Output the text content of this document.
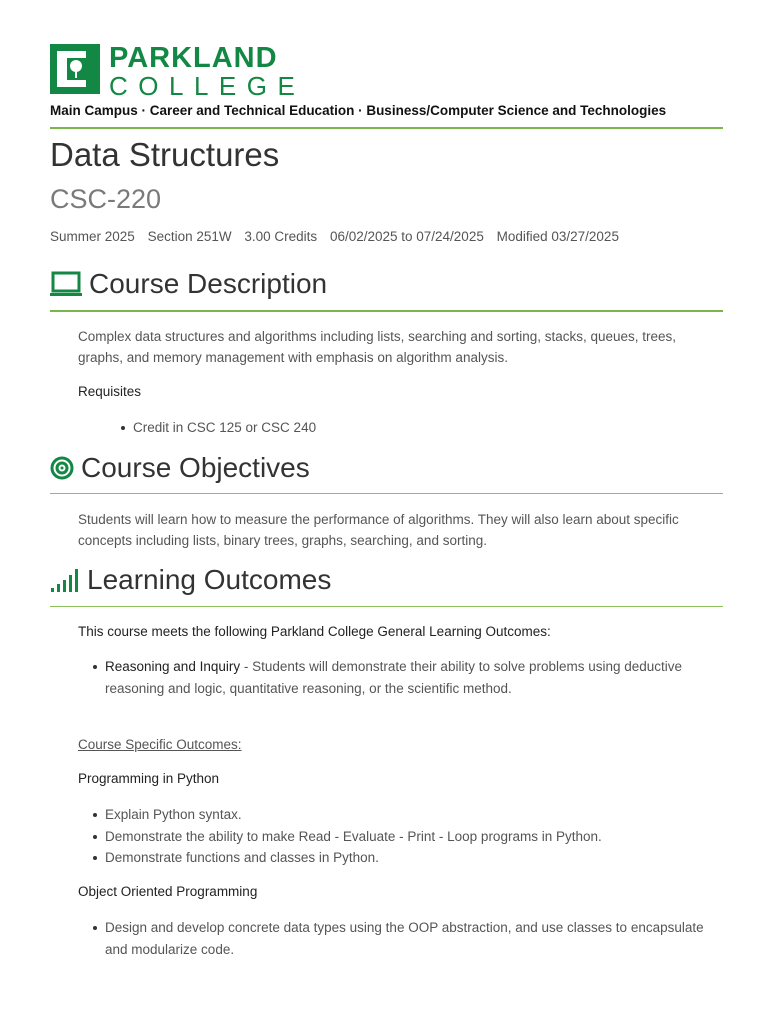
PARKLAND
COLLEGE
Main Campus · Career and Technical Education · Business/Computer Science and Technologies
Data Structures
CSC-220
Summer 2025 Section 251W 3.00 Credits 06/02/2025 to 07/24/2025 Modified 03/27/2025
Course Description

Complex data structures and algorithms including lists, searching and sorting, stacks, queues, trees, graphs, and memory management with emphasis on algorithm analysis.

Requisites
Credit in CSC 125 or CSC 240
Course Objectives

Students will learn how to measure the performance of algorithms. They will also learn about specific concepts including lists, binary trees, graphs, searching, and sorting.

Learning Outcomes
This course meets the following Parkland College General Learning Outcomes:
Reasoning and Inquiry - Students will demonstrate their ability to solve problems using deductive reasoning and logic, quantitative reasoning, or the scientific method.
Course Specific Outcomes:
Programming in Python
Explain Python syntax.
Demonstrate the ability to make Read - Evaluate - Print - Loop programs in Python.
Demonstrate functions and classes in Python.
Object Oriented Programming
Design and develop concrete data types using the OOP abstraction, and use classes to encapsulate and modularize code.
